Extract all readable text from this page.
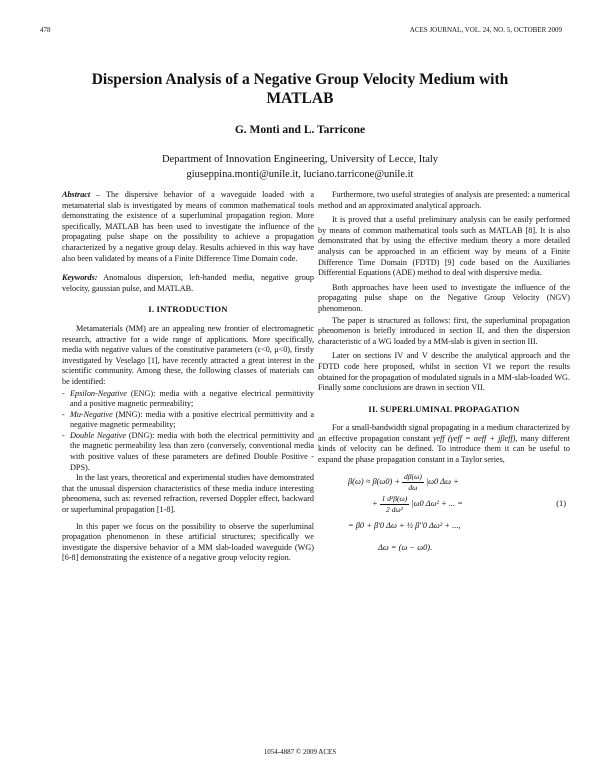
478	ACES JOURNAL, VOL. 24, NO. 5, OCTOBER 2009
Dispersion Analysis of a Negative Group Velocity Medium with MATLAB
G. Monti and L. Tarricone
Department of Innovation Engineering, University of Lecce, Italy
giuseppina.monti@unile.it, luciano.tarricone@unile.it

Abstract – The dispersive behavior of a waveguide loaded with a metamaterial slab is investigated by means of common mathematical tools demonstrating the existence of a superluminal propagation region. More specifically, MATLAB has been used to investigate the influence of the propagating pulse shape on the possibility to achieve a propagation characterized by a negative group delay. Results achieved in this way have also been validated by means of a Finite Difference Time Domain code.

Keywords: Anomalous dispersion, left-handed media, negative group velocity, gaussian pulse, and MATLAB.

I. INTRODUCTION

Metamaterials (MM) are an appealing new frontier of electromagnetic research, attractive for a wide range of applications. More specifically, media with negative values of the constitutive parameters (ε<0, μ<0), firstly investigated by Veselago [1], have recently attracted a great interest in the scientific community. Among these, the following classes of materials can be identified:

- Epsilon-Negative (ENG): media with a negative electrical permittivity and a positive magnetic permeability;
- Mu-Negative (MNG): media with a positive electrical permittivity and a negative magnetic permeability;
- Double Negative (DNG): media with both the electrical permittivity and the magnetic permeability less than zero (conversely, conventional media with positive values of these parameters are defined Double Positive -DPS).

In the last years, theoretical and experimental studies have demonstrated that the unusual dispersion characteristics of these media induce interesting phenomena, such as: reversed refraction, reversed Doppler effect, backward or superluminal propagation [1-8].

In this paper we focus on the possibility to observe the superluminal propagation phenomenon in these artificial structures; specifically we investigate the dispersive behavior of a MM slab-loaded waveguide (WG) [6-8] demonstrating the existence of a negative group velocity region.

Furthermore, two useful strategies of analysis are presented: a numerical method and an approximated analytical approach.

It is proved that a useful preliminary analysis can be easily performed by means of common mathematical tools such as MATLAB [8]. It is also demonstrated that by using the effective medium theory a more detailed analysis can be approached in an efficient way by means of a Finite Difference Time Domain (FDTD) [9] code based on the Auxiliaries Differential Equations (ADE) method to deal with dispersive media.

Both approaches have been used to investigate the influence of the propagating pulse shape on the Negative Group Velocity (NGV) phenomenon.

The paper is structured as follows: first, the superluminal propagation phenomenon is briefly introduced in section II, and then the dispersion characteristic of a WG loaded by a MM-slab is given in section III.

Later on sections IV and V describe the analytical approach and the FDTD code here proposed, whilst in section VI we report the results obtained for the propagation of modulated signals in a MM-slab-loaded WG. Finally some conclusions are drawn in section VII.

II. SUPERLUMINAL PROPAGATION

For a small-bandwidth signal propagating in a medium characterized by an effective propagation constant γeff (γeff = αeff + jβeff), many different kinds of velocity can be defined. To introduce them it can be useful to expand the phase propagation constant in a Taylor series,

$\beta(\omega) \approx \beta(\omega 0) + \frac{d\beta(\omega)}{d\omega} |\omega 0$ Δω +
+ $\frac{\text{1 d²β(ω)}}{\text{2 dω²}} |\omega 0$ Δω² + ... =	(1)
= β0 + β'0 Δω + ½ β''0 Δω² + ...,
Δω = (ω − ω0).
1054-4887 © 2009 ACES
